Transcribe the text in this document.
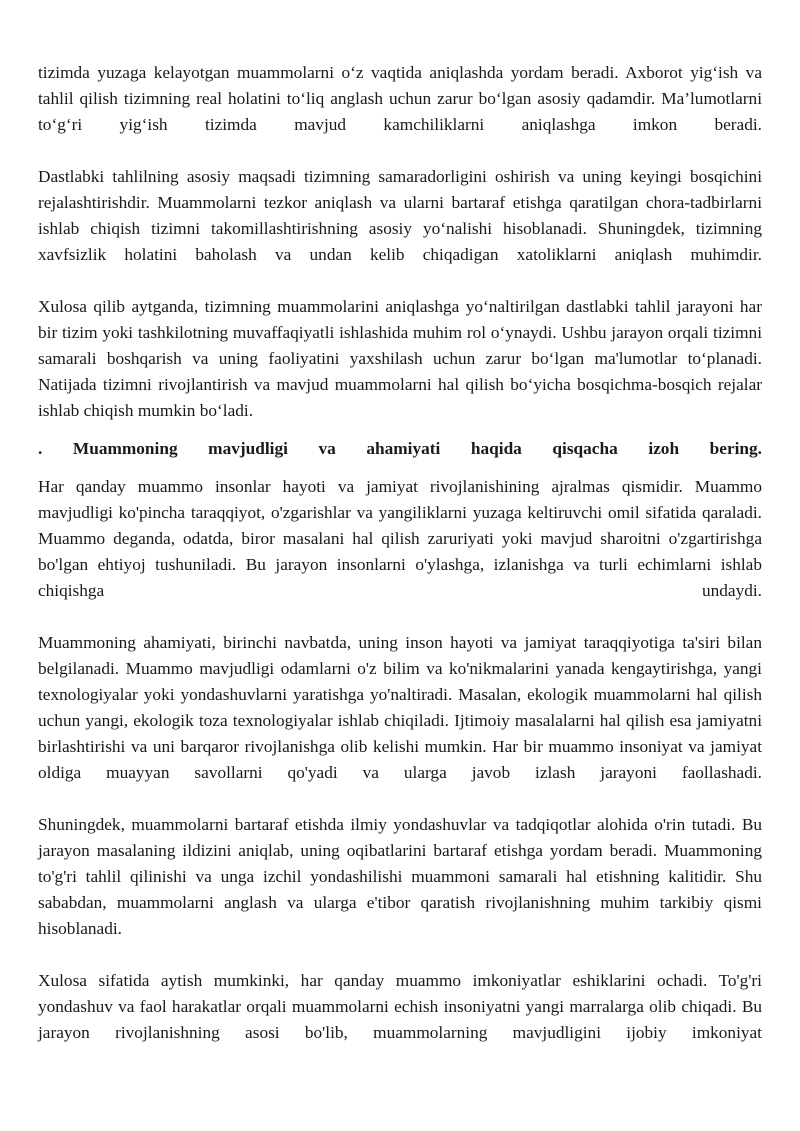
tizimda yuzaga kelayotgan muammolarni o‘z vaqtida aniqlashda yordam beradi. Axborot yig‘ish va tahlil qilish tizimning real holatini to‘liq anglash uchun zarur bo‘lgan asosiy qadamdir. Ma’lumotlarni to‘g‘ri yig‘ish tizimda mavjud kamchiliklarni aniqlashga imkon beradi.

Dastlabki tahlilning asosiy maqsadi tizimning samaradorligini oshirish va uning keyingi bosqichini rejalashtirishdir. Muammolarni tezkor aniqlash va ularni bartaraf etishga qaratilgan chora-tadbirlarni ishlab chiqish tizimni takomillashtirishning asosiy yo‘nalishi hisoblanadi. Shuningdek, tizimning xavfsizlik holatini baholash va undan kelib chiqadigan xatoliklarni aniqlash muhimdir.

Xulosa qilib aytganda, tizimning muammolarini aniqlashga yo‘naltirilgan dastlabki tahlil jarayoni har bir tizim yoki tashkilotning muvaffaqiyatli ishlashida muhim rol o‘ynaydi. Ushbu jarayon orqali tizimni samarali boshqarish va uning faoliyatini yaxshilash uchun zarur bo‘lgan ma'lumotlar to‘planadi. Natijada tizimni rivojlantirish va mavjud muammolarni hal qilish bo‘yicha bosqichma-bosqich rejalar ishlab chiqish mumkin bo‘ladi.

. Muammoning mavjudligi va ahamiyati haqida qisqacha izoh bering.

Har qanday muammo insonlar hayoti va jamiyat rivojlanishining ajralmas qismidir. Muammo mavjudligi ko'pincha taraqqiyot, o'zgarishlar va yangiliklarni yuzaga keltiruvchi omil sifatida qaraladi. Muammo deganda, odatda, biror masalani hal qilish zaruriyati yoki mavjud sharoitni o'zgartirishga bo'lgan ehtiyoj tushuniladi. Bu jarayon insonlarni o'ylashga, izlanishga va turli echimlarni ishlab chiqishga undaydi.

Muammoning ahamiyati, birinchi navbatda, uning inson hayoti va jamiyat taraqqiyotiga ta'siri bilan belgilanadi. Muammo mavjudligi odamlarni o'z bilim va ko'nikmalarini yanada kengaytirishga, yangi texnologiyalar yoki yondashuvlarni yaratishga yo'naltiradi. Masalan, ekologik muammolarni hal qilish uchun yangi, ekologik toza texnologiyalar ishlab chiqiladi. Ijtimoiy masalalarni hal qilish esa jamiyatni birlashtirishi va uni barqaror rivojlanishga olib kelishi mumkin. Har bir muammo insoniyat va jamiyat oldiga muayyan savollarni qo'yadi va ularga javob izlash jarayoni faollashadi.

Shuningdek, muammolarni bartaraf etishda ilmiy yondashuvlar va tadqiqotlar alohida o'rin tutadi. Bu jarayon masalaning ildizini aniqlab, uning oqibatlarini bartaraf etishga yordam beradi. Muammoning to'g'ri tahlil qilinishi va unga izchil yondashilishi muammoni samarali hal etishning kalitidir. Shu sababdan, muammolarni anglash va ularga e'tibor qaratish rivojlanishning muhim tarkibiy qismi hisoblanadi.

Xulosa sifatida aytish mumkinki, har qanday muammo imkoniyatlar eshiklarini ochadi. To'g'ri yondashuv va faol harakatlar orqali muammolarni echish insoniyatni yangi marralarga olib chiqadi. Bu jarayon rivojlanishning asosi bo'lib, muammolarning mavjudligini ijobiy imkoniyat
